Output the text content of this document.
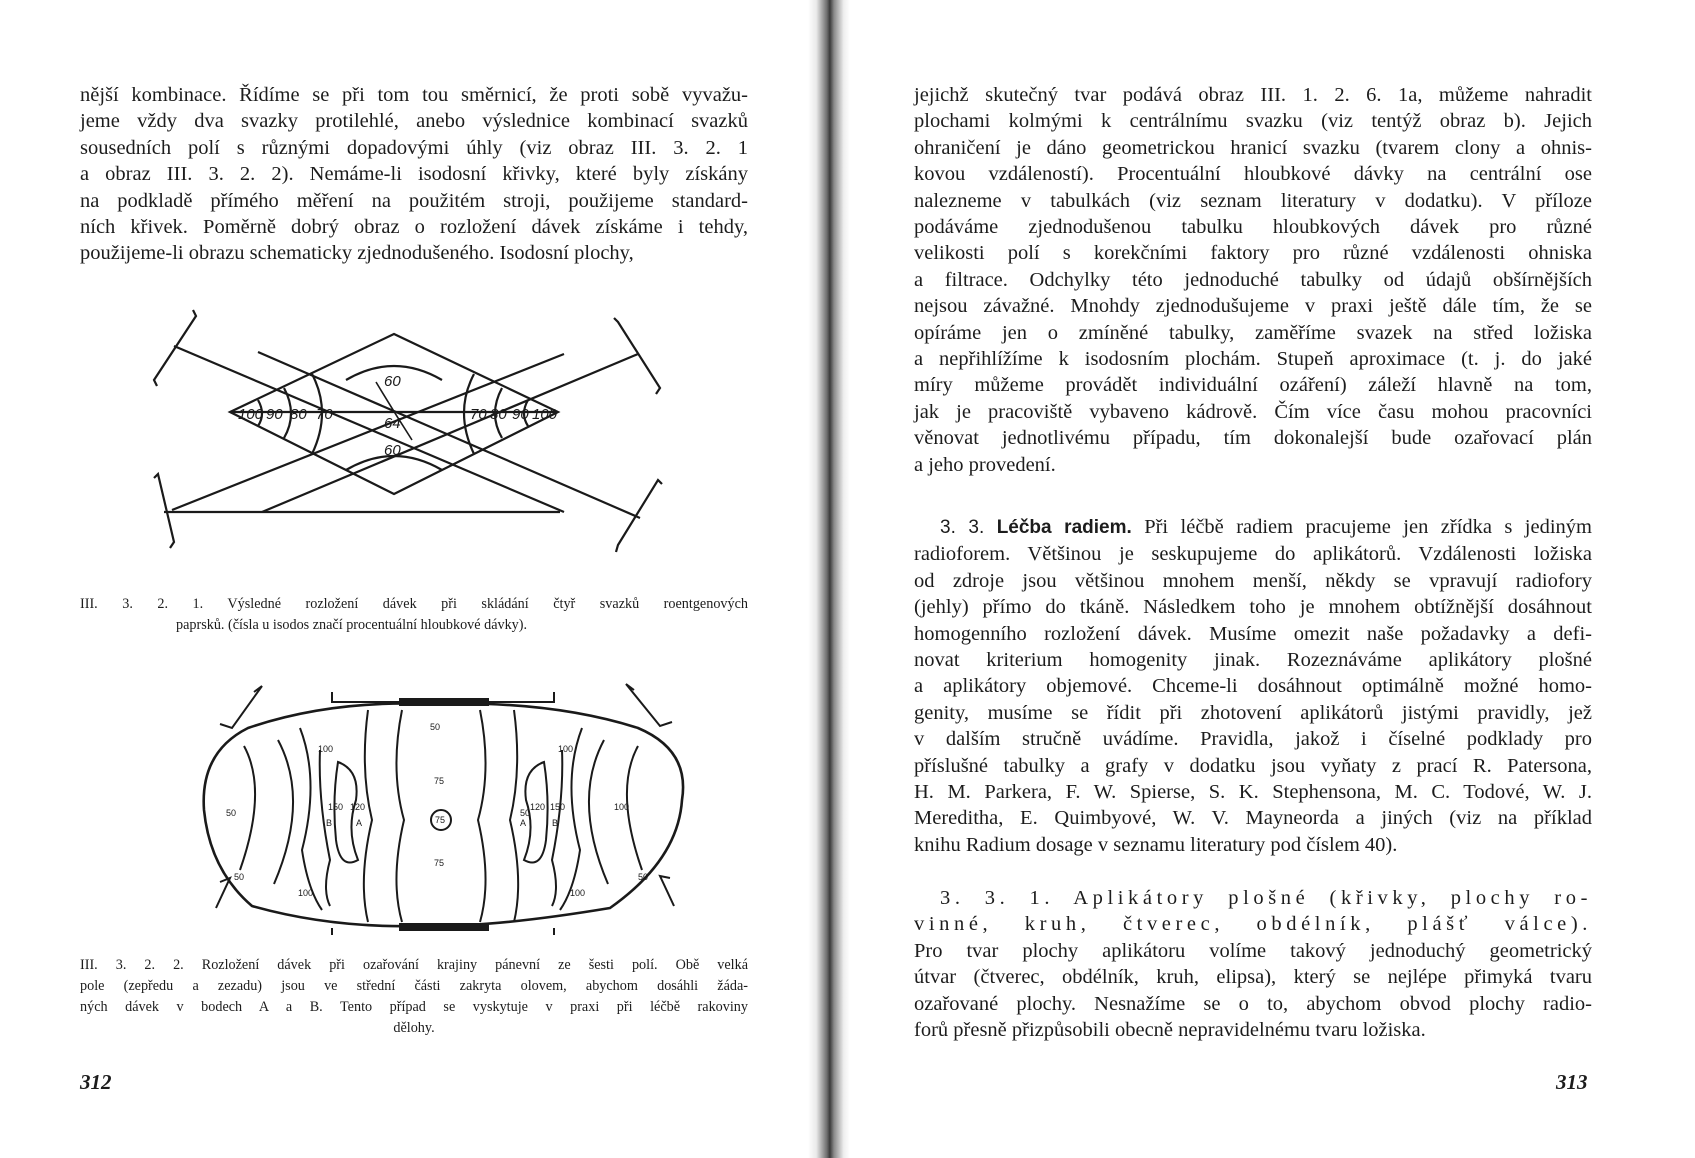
nější kombinace. Řídíme se při tom tou směrnicí, že proti sobě vyvažu-
jeme vždy dva svazky protilehlé, anebo výslednice kombinací svazků
sousedních polí s různými dopadovými úhly (viz obraz III. 3. 2. 1
a obraz III. 3. 2. 2). Nemáme-li isodosní křivky, které byly získány
na podkladě přímého měření na použitém stroji, použijeme standard-
ních křivek. Poměrně dobrý obraz o rozložení dávek získáme i tehdy,
použijeme-li obrazu schematicky zjednodušeného. Isodosní plochy,
100 90 80 70	70 80 90 100
60
64
60
III. 3. 2. 1. Výsledné rozložení dávek při skládání čtyř svazků roentgenových
paprsků. (čísla u isodos značí procentuální hloubkové dávky).
50
100
75
75
75
100
100
50	50
50	50
100
100
B	A	A	B
150	150
120	120
III. 3. 2. 2. Rozložení dávek při ozařování krajiny pánevní ze šesti polí. Obě velká
pole (zepředu a zezadu) jsou ve střední části zakryta olovem, abychom dosáhli žáda-
ných dávek v bodech A a B. Tento případ se vyskytuje v praxi při léčbě rakoviny
dělohy.
312
jejichž skutečný tvar podává obraz III. 1. 2. 6. 1a, můžeme nahradit
plochami kolmými k centrálnímu svazku (viz tentýž obraz b). Jejich
ohraničení je dáno geometrickou hranicí svazku (tvarem clony a ohnis-
kovou vzdáleností). Procentuální hloubkové dávky na centrální ose
nalezneme v tabulkách (viz seznam literatury v dodatku). V příloze
podáváme zjednodušenou tabulku hloubkových dávek pro různé
velikosti polí s korekčními faktory pro různé vzdálenosti ohniska
a filtrace. Odchylky této jednoduché tabulky od údajů obšírnějších
nejsou závažné. Mnohdy zjednodušujeme v praxi ještě dále tím, že se
opíráme jen o zmíněné tabulky, zaměříme svazek na střed ložiska
a nepřihlížíme k isodosním plochám. Stupeň aproximace (t. j. do jaké
míry můžeme provádět individuální ozáření) záleží hlavně na tom,
jak je pracoviště vybaveno kádrově. Čím více času mohou pracovníci
věnovat jednotlivému případu, tím dokonalejší bude ozařovací plán
a jeho provedení.
3. 3. Léčba radiem. Při léčbě radiem pracujeme jen zřídka s jediným
radioforem. Většinou je seskupujeme do aplikátorů. Vzdálenosti ložiska
od zdroje jsou většinou mnohem menší, někdy se vpravují radiofory
(jehly) přímo do tkáně. Následkem toho je mnohem obtížnější dosáhnout
homogenního rozložení dávek. Musíme omezit naše požadavky a defi-
novat kriterium homogenity jinak. Rozeznáváme aplikátory plošné
a aplikátory objemové. Chceme-li dosáhnout optimálně možné homo-
genity, musíme se řídit při zhotovení aplikátorů jistými pravidly, jež
v dalším stručně uvádíme. Pravidla, jakož i číselné podklady pro
příslušné tabulky a grafy v dodatku jsou vyňaty z prací R. Patersona,
H. M. Parkera, F. W. Spierse, S. K. Stephensona, M. C. Todové, W. J.
Mereditha, E. Quimbyové, W. V. Mayneorda a jiných (viz na příklad
knihu Radium dosage v seznamu literatury pod číslem 40).
3. 3. 1. Aplikátory plošné (křivky, plochy ro-
vinné, kruh, čtverec, obdélník, plášť válce).
Pro tvar plochy aplikátoru volíme takový jednoduchý geometrický
útvar (čtverec, obdélník, kruh, elipsa), který se nejlépe přimyká tvaru
ozařované plochy. Nesnažíme se o to, abychom obvod plochy radio-
forů přesně přizpůsobili obecně nepravidelnému tvaru ložiska.
313
